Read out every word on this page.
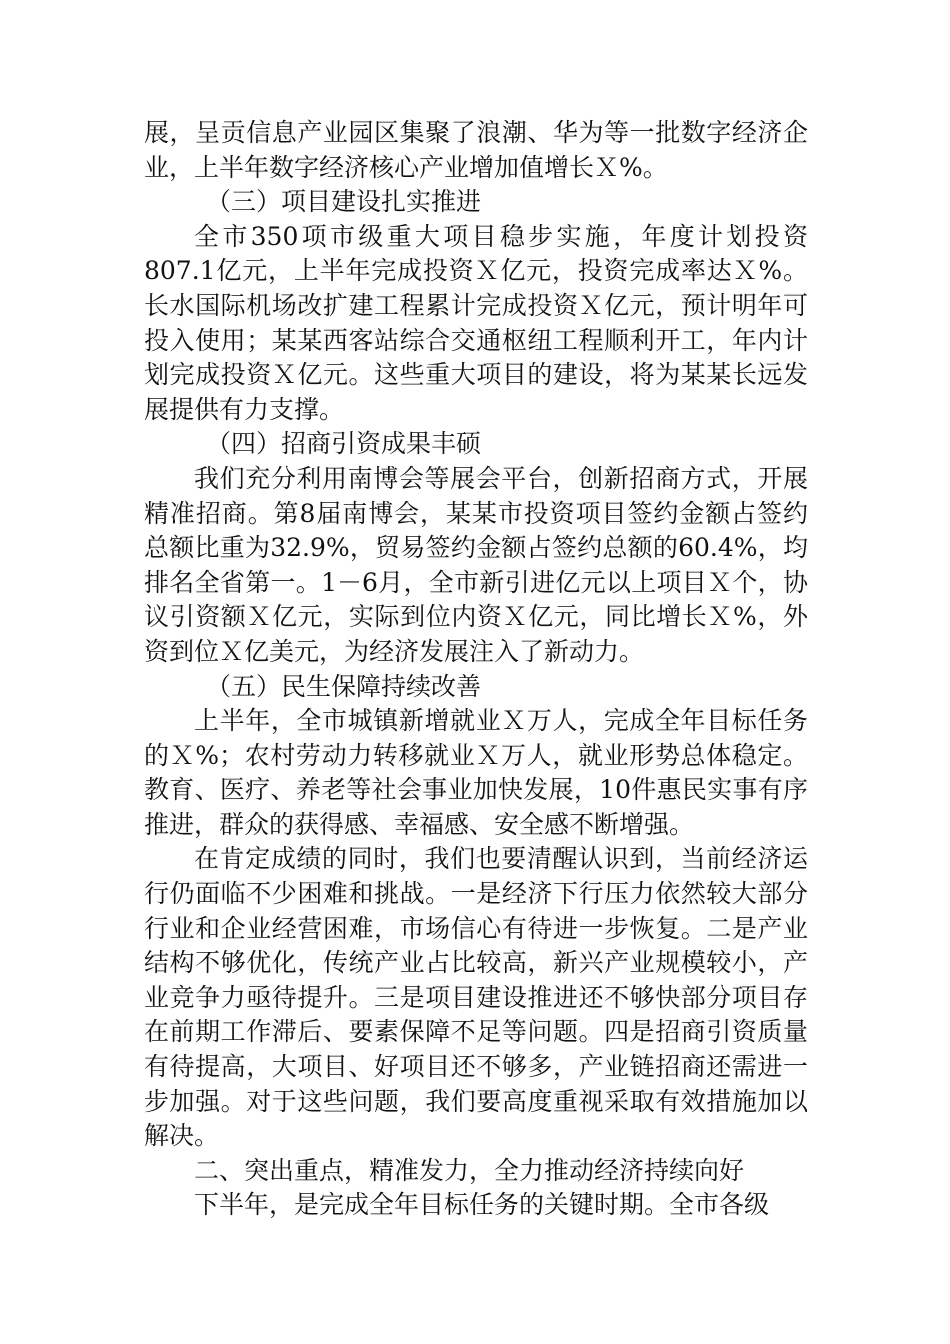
展，呈贡信息产业园区集聚了浪潮、华为等一批数字经济企业，上半年数字经济核心产业增加值增长Ｘ%。

（三）项目建设扎实推进

全市350项市级重大项目稳步实施，年度计划投资807.1亿元，上半年完成投资Ｘ亿元，投资完成率达Ｘ%。长水国际机场改扩建工程累计完成投资Ｘ亿元，预计明年可投入使用；某某西客站综合交通枢纽工程顺利开工，年内计划完成投资Ｘ亿元。这些重大项目的建设，将为某某长远发展提供有力支撑。

（四）招商引资成果丰硕

我们充分利用南博会等展会平台，创新招商方式，开展精准招商。第8届南博会，某某市投资项目签约金额占签约总额比重为32.9%，贸易签约金额占签约总额的60.4%，均排名全省第一。1－6月，全市新引进亿元以上项目Ｘ个，协议引资额Ｘ亿元，实际到位内资Ｘ亿元，同比增长Ｘ%，外资到位Ｘ亿美元，为经济发展注入了新动力。

（五）民生保障持续改善

上半年，全市城镇新增就业Ｘ万人，完成全年目标任务的Ｘ%；农村劳动力转移就业Ｘ万人，就业形势总体稳定。教育、医疗、养老等社会事业加快发展，10件惠民实事有序推进，群众的获得感、幸福感、安全感不断增强。

在肯定成绩的同时，我们也要清醒认识到，当前经济运行仍面临不少困难和挑战。一是经济下行压力依然较大部分行业和企业经营困难，市场信心有待进一步恢复。二是产业结构不够优化，传统产业占比较高，新兴产业规模较小，产业竞争力亟待提升。三是项目建设推进还不够快部分项目存在前期工作滞后、要素保障不足等问题。四是招商引资质量有待提高，大项目、好项目还不够多，产业链招商还需进一步加强。对于这些问题，我们要高度重视采取有效措施加以解决。

二、突出重点，精准发力，全力推动经济持续向好

下半年，是完成全年目标任务的关键时期。全市各级
